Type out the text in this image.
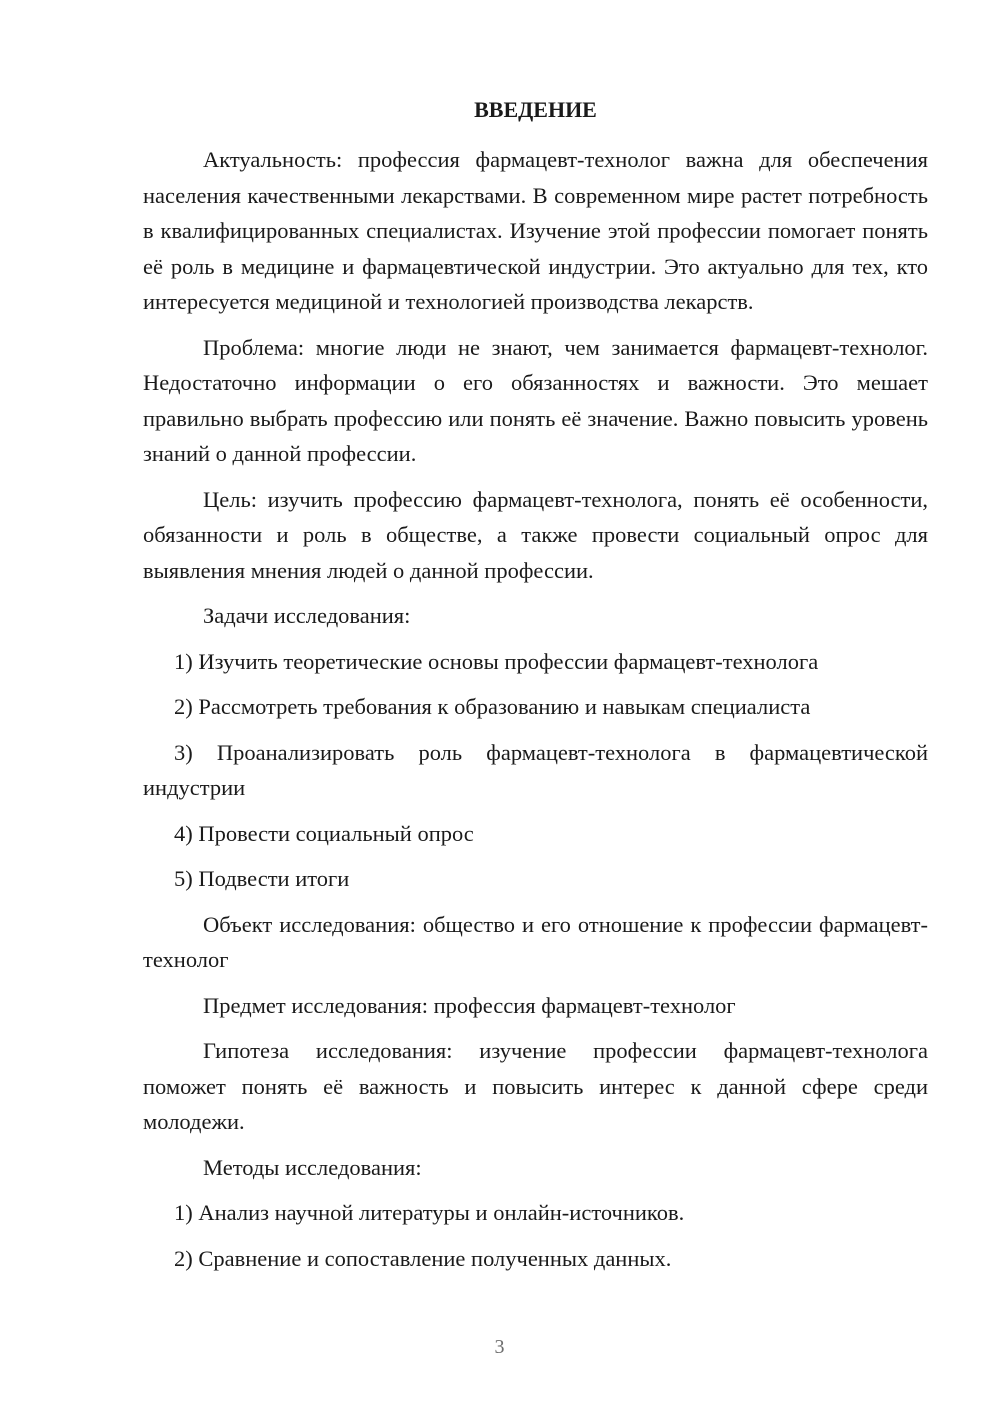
ВВЕДЕНИЕ

Актуальность: профессия фармацевт-технолог важна для обеспечения населения качественными лекарствами. В современном мире растет потребность в квалифицированных специалистах. Изучение этой профессии помогает понять её роль в медицине и фармацевтической индустрии. Это актуально для тех, кто интересуется медициной и технологией производства лекарств.

Проблема: многие люди не знают, чем занимается фармацевт-технолог. Недостаточно информации о его обязанностях и важности. Это мешает правильно выбрать профессию или понять её значение. Важно повысить уровень знаний о данной профессии.

Цель: изучить профессию фармацевт-технолога, понять её особенности, обязанности и роль в обществе, а также провести социальный опрос для выявления мнения людей о данной профессии.

Задачи исследования:

1) Изучить теоретические основы профессии фармацевт-технолога

2) Рассмотреть требования к образованию и навыкам специалиста

3) Проанализировать роль фармацевт-технолога в фармацевтической индустрии

4) Провести социальный опрос

5) Подвести итоги

Объект исследования: общество и его отношение к профессии фармацевт-технолог

Предмет исследования: профессия фармацевт-технолог

Гипотеза исследования: изучение профессии фармацевт-технолога поможет понять её важность и повысить интерес к данной сфере среди молодежи.

Методы исследования:

1) Анализ научной литературы и онлайн-источников.

2) Сравнение и сопоставление полученных данных.

3
